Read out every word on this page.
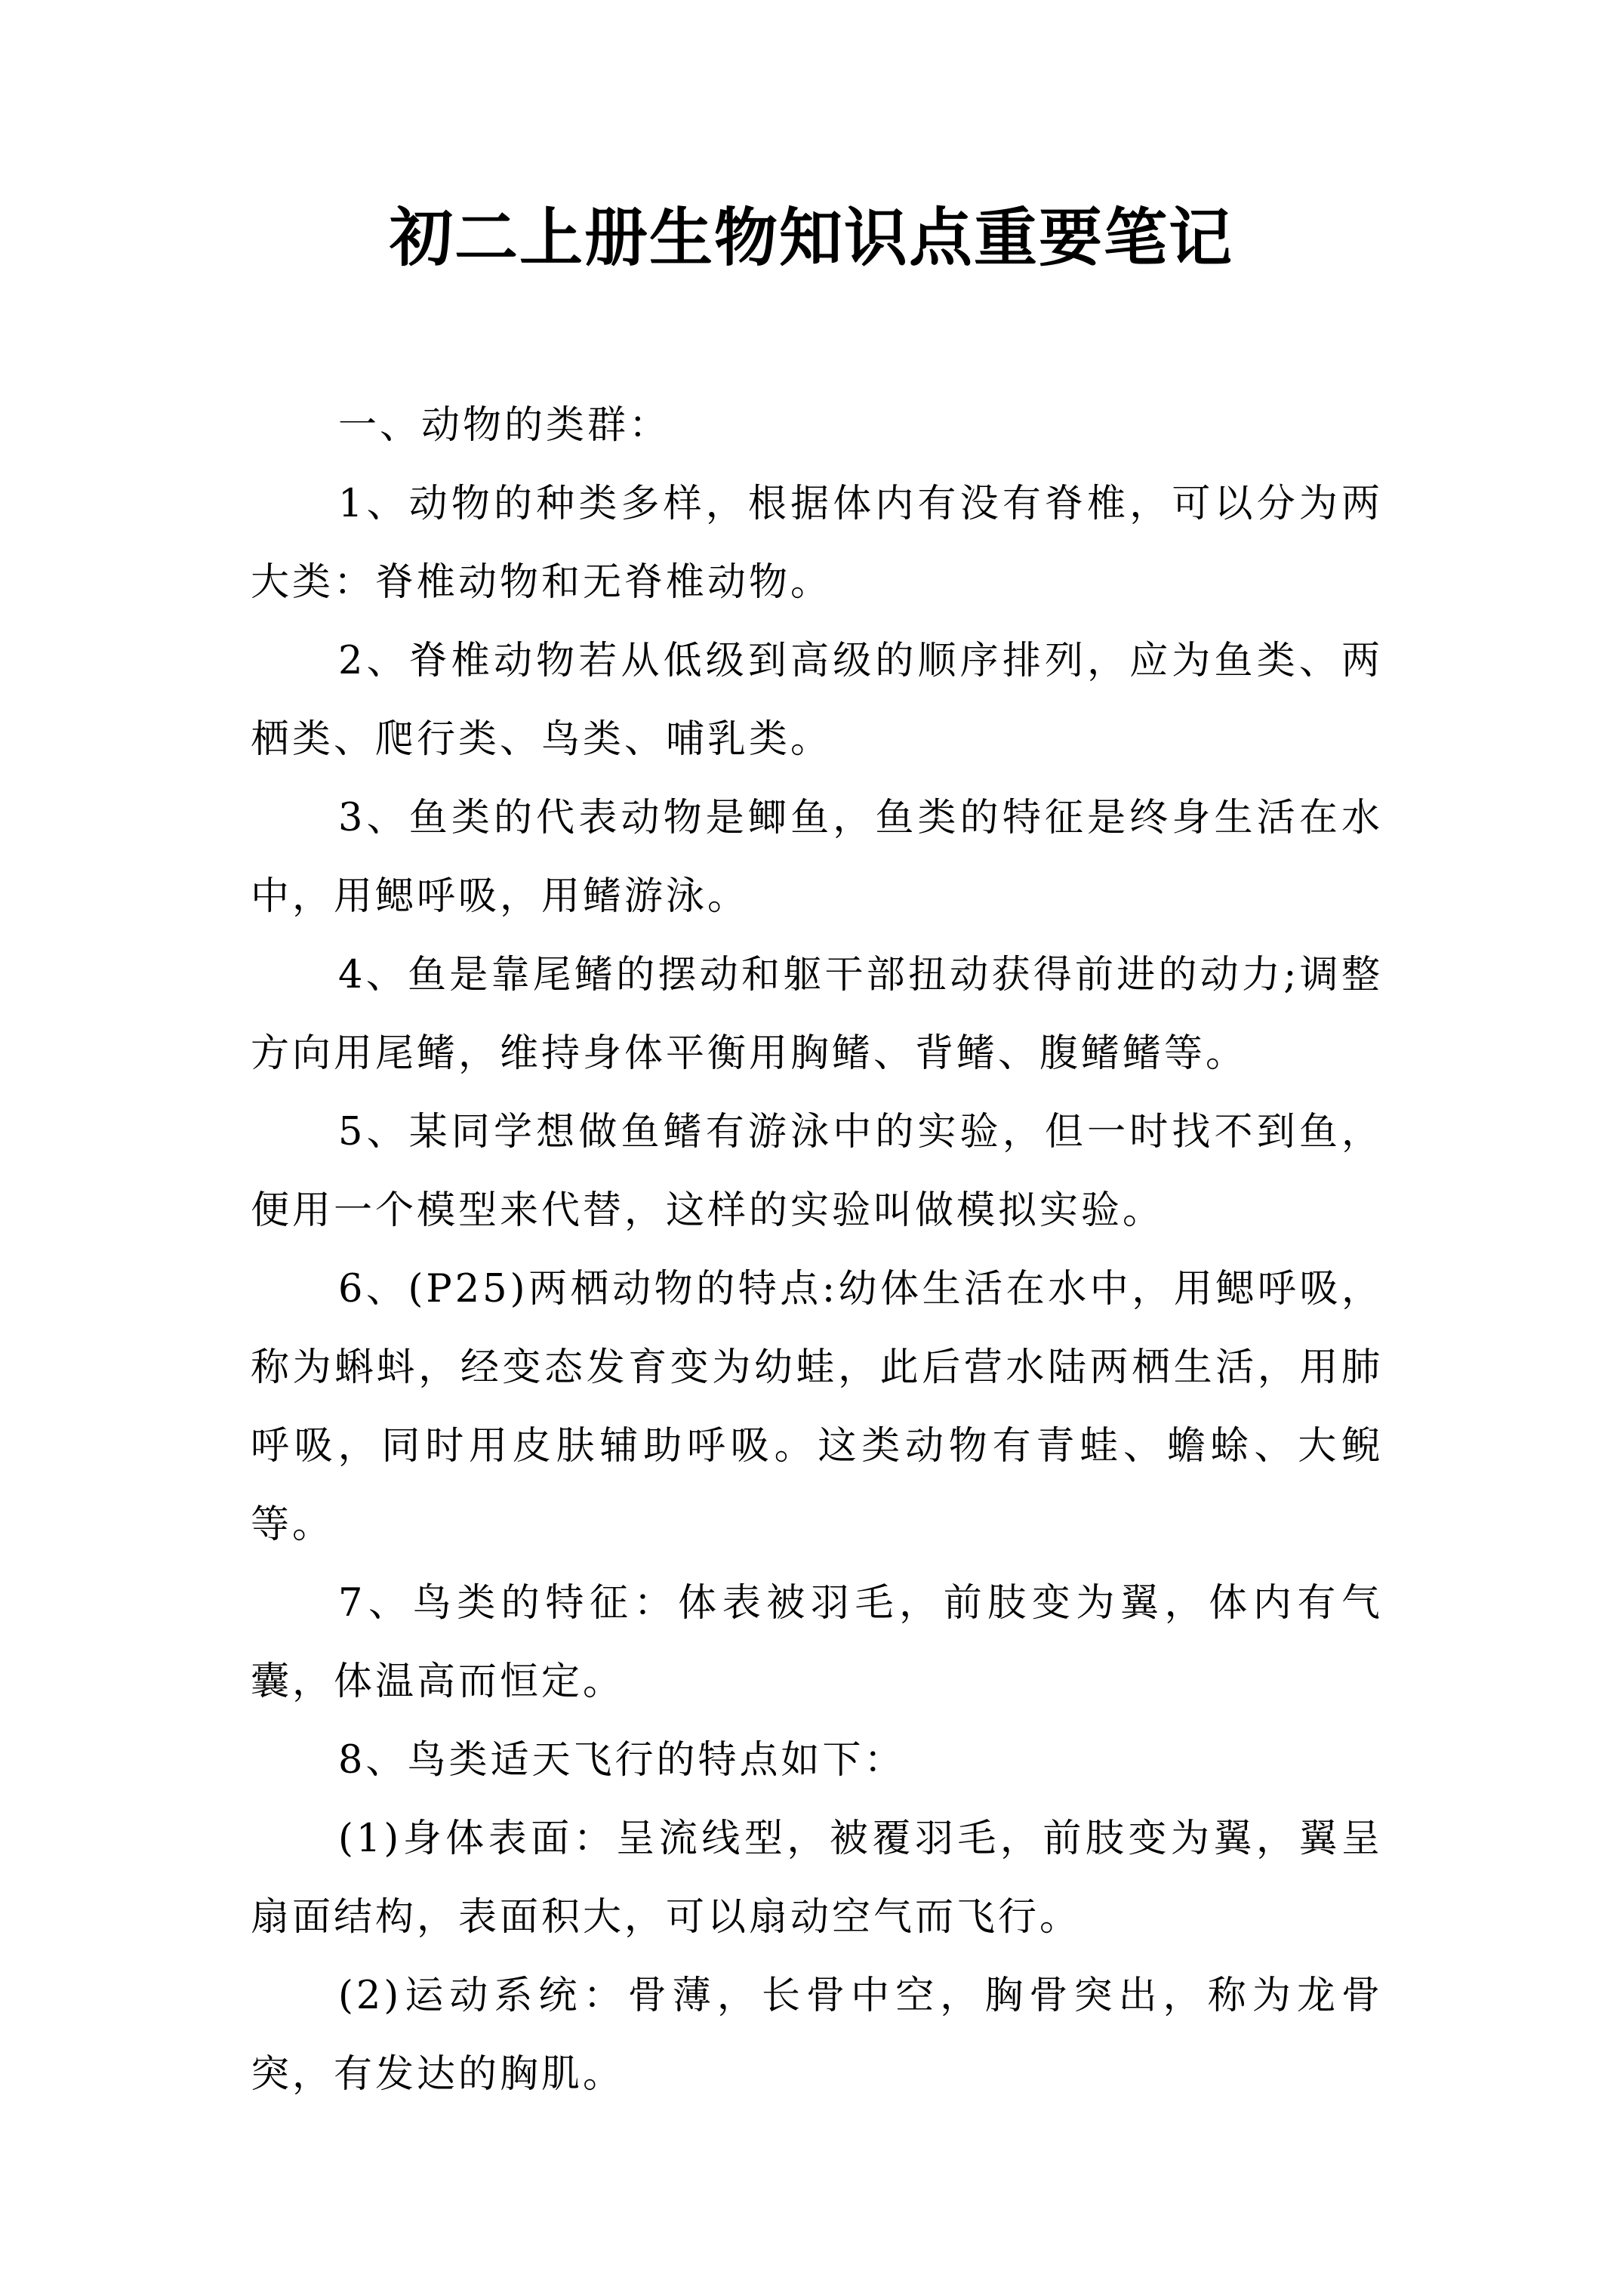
初二上册生物知识点重要笔记

一、动物的类群：

1、动物的种类多样，根据体内有没有脊椎，可以分为两大类：脊椎动物和无脊椎动物。

2、脊椎动物若从低级到高级的顺序排列，应为鱼类、两栖类、爬行类、鸟类、哺乳类。

3、鱼类的代表动物是鲫鱼，鱼类的特征是终身生活在水中，用鳃呼吸，用鳍游泳。

4、鱼是靠尾鳍的摆动和躯干部扭动获得前进的动力;调整方向用尾鳍，维持身体平衡用胸鳍、背鳍、腹鳍鳍等。

5、某同学想做鱼鳍有游泳中的实验，但一时找不到鱼，便用一个模型来代替，这样的实验叫做模拟实验。

6、(P25)两栖动物的特点:幼体生活在水中，用鳃呼吸，称为蝌蚪，经变态发育变为幼蛙，此后营水陆两栖生活，用肺呼吸，同时用皮肤辅助呼吸。这类动物有青蛙、蟾蜍、大鲵等。

7、鸟类的特征：体表被羽毛，前肢变为翼，体内有气囊，体温高而恒定。

8、鸟类适天飞行的特点如下：

(1)身体表面：呈流线型，被覆羽毛，前肢变为翼，翼呈扇面结构，表面积大，可以扇动空气而飞行。

(2)运动系统：骨薄，长骨中空，胸骨突出，称为龙骨突，有发达的胸肌。
